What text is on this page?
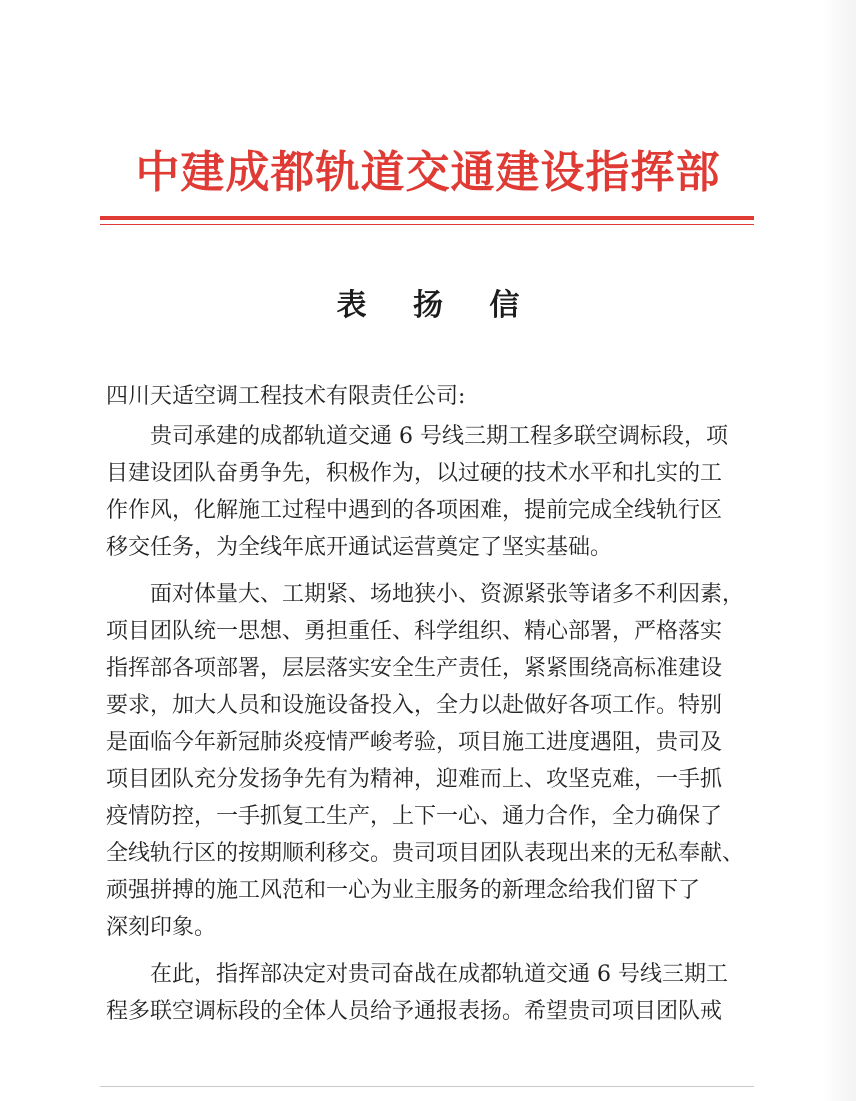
中建成都轨道交通建设指挥部
表 扬 信
四川天适空调工程技术有限责任公司:
贵司承建的成都轨道交通 6 号线三期工程多联空调标段，项
目建设团队奋勇争先，积极作为，以过硬的技术水平和扎实的工
作作风，化解施工过程中遇到的各项困难，提前完成全线轨行区
移交任务，为全线年底开通试运营奠定了坚实基础。
面对体量大、工期紧、场地狭小、资源紧张等诸多不利因素，
项目团队统一思想、勇担重任、科学组织、精心部署，严格落实
指挥部各项部署，层层落实安全生产责任，紧紧围绕高标准建设
要求，加大人员和设施设备投入，全力以赴做好各项工作。特别
是面临今年新冠肺炎疫情严峻考验，项目施工进度遇阻，贵司及
项目团队充分发扬争先有为精神，迎难而上、攻坚克难，一手抓
疫情防控，一手抓复工生产，上下一心、通力合作，全力确保了
全线轨行区的按期顺利移交。贵司项目团队表现出来的无私奉献、
顽强拼搏的施工风范和一心为业主服务的新理念给我们留下了
深刻印象。
在此，指挥部决定对贵司奋战在成都轨道交通 6 号线三期工
程多联空调标段的全体人员给予通报表扬。希望贵司项目团队戒
